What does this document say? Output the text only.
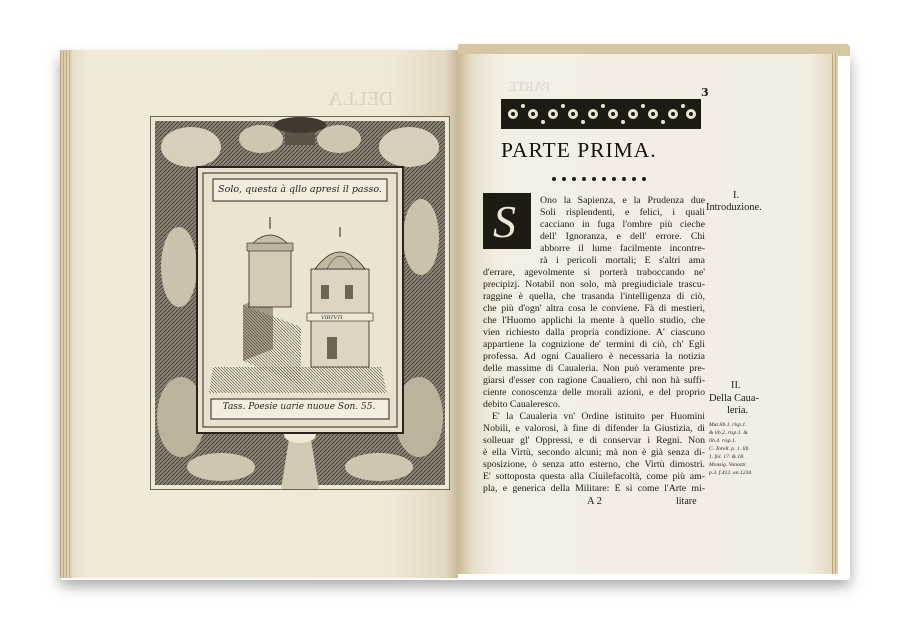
DELLA
Solo, questa à qllo apresi il passo.
VIRTVTI
Tass. Poesie uarie nuoue Son. 55.
PARTE	3
PARTE PRIMA.
S Ono la Sapienza, e la Prudenza due
Soli risplendenti, e felici, i quali
cacciano in fuga l'ombre più cieche
dell' Ignoranza, e dell' errore. Chi
abborre il lume facilmente incontre-
rà i pericoli mortali; E s'altri ama
d'errare, agevolmente si porterà traboccando ne'
precipizj. Notabil non solo, mà pregiudiciale trascu-
raggine è quella, che trasanda l'intelligenza di ciò,
che più d'ogn' altra cosa le conviene. Fà di mestieri,
che l'Huomo applichi la mente à quello studio, che
vien richiesto dalla propria condizione. A' ciascuno
appartiene la cognizione de' termini di ciò, ch' Egli
professa. Ad ogni Caualiero è necessaria la notizia
delle massime di Caualeria. Non può veramente pre-
giarsi d'esser con ragione Caualiero, chi non hà suffi-
ciente conoscenza delle morali azioni, e del proprio
debito Caualeresco.
E' la Caualeria vn' Ordine istituito per Huomini
Nobili, e valorosi, à fine di difender la Giustizia, di
solleuar gl' Oppressi, e di conservar i Regni. Non
è ella Virtù, secondo alcuni; mà non è già senza di-
sposizione, ò senza atto esterno, che Virtù dimostri.
E' sottoposta questa alla Ciuilefacoltà, come più am-
pla, e generica della Militare: E sì come l'Arte mi-
I.
Introduzione.
II.
Della Caua-
leria.
Mut lib.1. risp.1.
& lib.2. risp.1. &
lib.4. risp.1.
C. Torell. p. 1. lib.
1. fol. 17. & 18.
Monsig. Vanozzi
p.3. f.412. an.1234.
A 2	litare
